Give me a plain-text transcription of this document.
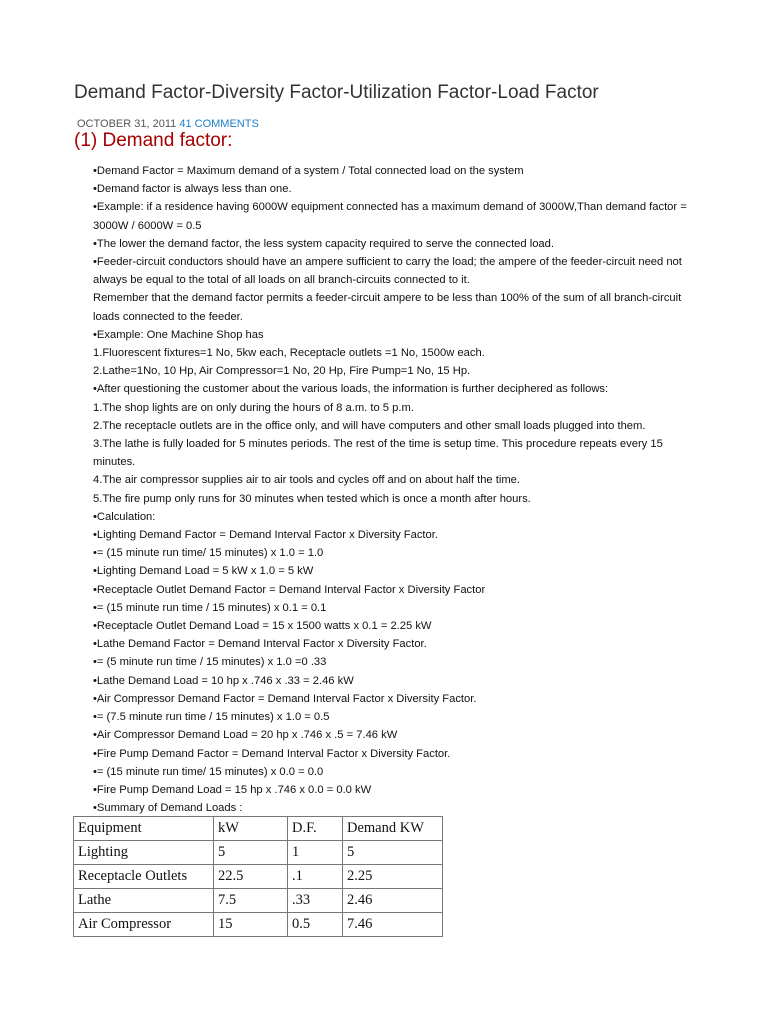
Demand Factor-Diversity Factor-Utilization Factor-Load Factor
OCTOBER 31, 2011 41 COMMENTS
(1) Demand factor:

•Demand Factor = Maximum demand of a system / Total connected load on the system

•Demand factor is always less than one.

•Example: if a residence having 6000W equipment connected has a maximum demand of 3000W,Than demand factor = 3000W / 6000W = 0.5

•The lower the demand factor, the less system capacity required to serve the connected load.

•Feeder-circuit conductors should have an ampere sufficient to carry the load; the ampere of the feeder-circuit need not always be equal to the total of all loads on all branch-circuits connected to it.

Remember that the demand factor permits a feeder-circuit ampere to be less than 100% of the sum of all branch-circuit loads connected to the feeder.

•Example: One Machine Shop has

1.Fluorescent fixtures=1 No, 5kw each, Receptacle outlets =1 No, 1500w each.

2.Lathe=1No, 10 Hp, Air Compressor=1 No, 20 Hp, Fire Pump=1 No, 15 Hp.

•After questioning the customer about the various loads, the information is further deciphered as follows:

1.The shop lights are on only during the hours of 8 a.m. to 5 p.m.

2.The receptacle outlets are in the office only, and will have computers and other small loads plugged into them.

3.The lathe is fully loaded for 5 minutes periods. The rest of the time is setup time. This procedure repeats every 15 minutes.

4.The air compressor supplies air to air tools and cycles off and on about half the time.

5.The fire pump only runs for 30 minutes when tested which is once a month after hours.

•Calculation:

•Lighting Demand Factor = Demand Interval Factor x Diversity Factor.

•= (15 minute run time/ 15 minutes) x 1.0 = 1.0

•Lighting Demand Load = 5 kW x 1.0 = 5 kW

•Receptacle Outlet Demand Factor = Demand Interval Factor x Diversity Factor

•= (15 minute run time / 15 minutes) x 0.1 = 0.1

•Receptacle Outlet Demand Load = 15 x 1500 watts x 0.1 = 2.25 kW

•Lathe Demand Factor = Demand Interval Factor x Diversity Factor.

•= (5 minute run time / 15 minutes) x 1.0 =0 .33

•Lathe Demand Load = 10 hp x .746 x .33 = 2.46 kW

•Air Compressor Demand Factor = Demand Interval Factor x Diversity Factor.

•= (7.5 minute run time / 15 minutes) x 1.0 = 0.5

•Air Compressor Demand Load = 20 hp x .746 x .5 = 7.46 kW

•Fire Pump Demand Factor = Demand Interval Factor x Diversity Factor.

•= (15 minute run time/ 15 minutes) x 0.0 = 0.0

•Fire Pump Demand Load = 15 hp x .746 x 0.0 = 0.0 kW

•Summary of Demand Loads :

Equipment	kW	D.F.	Demand KW
Lighting	5	1	5
Receptacle Outlets	22.5	.1	2.25
Lathe	7.5	.33	2.46
Air Compressor	15	0.5	7.46
